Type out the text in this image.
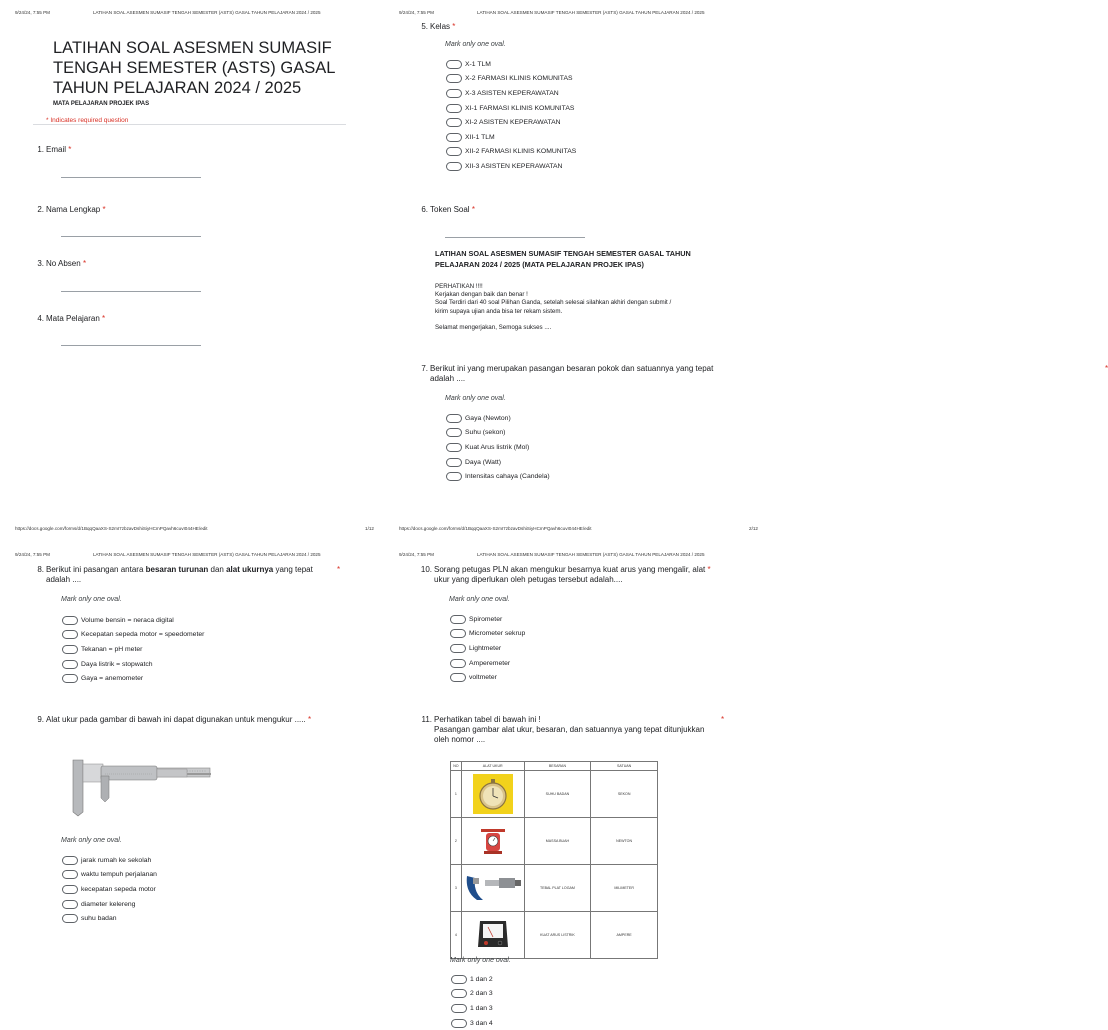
9/24/24, 7:55 PM	LATIHAN SOAL ASESMEN SUMASIF TENGAH SEMESTER (ASTS) GASAL TAHUN PELAJARAN 2024 / 2025
LATIHAN SOAL ASESMEN SUMASIF TENGAH SEMESTER (ASTS) GASAL TAHUN PELAJARAN 2024 / 2025
MATA PELAJARAN PROJEK IPAS
* Indicates required question
1. Email *
2. Nama Lengkap *
3. No Absen *
4. Mata Pelajaran *
https://docs.google.com/forms/d/1BqqQaaXS-S2mI7zbzavDshiSiyHCmPQavh6cuvI044HE/edit	1/12
9/24/24, 7:55 PM	LATIHAN SOAL ASESMEN SUMASIF TENGAH SEMESTER (ASTS) GASAL TAHUN PELAJARAN 2024 / 2025
5. Kelas *
Mark only one oval.
X-1 TLM
X-2 FARMASI KLINIS KOMUNITAS
X-3 ASISTEN KEPERAWATAN
XI-1 FARMASI KLINIS KOMUNITAS
XI-2 ASISTEN KEPERAWATAN
XII-1 TLM
XII-2 FARMASI KLINIS KOMUNITAS
XII-3 ASISTEN KEPERAWATAN
6. Token Soal *
LATIHAN SOAL ASESMEN SUMASIF TENGAH SEMESTER GASAL TAHUN PELAJARAN 2024 / 2025 (MATA PELAJARAN PROJEK IPAS)
PERHATIKAN !!!!
Kerjakan dengan baik dan benar !
Soal Terdiri dari 40 soal Pilihan Ganda, setelah selesai silahkan akhiri dengan submit /
kirim supaya ujian anda bisa ter rekam sistem.
Selamat mengerjakan, Semoga sukses ....
7. Berikut ini yang merupakan pasangan besaran pokok dan satuannya yang tepat
adalah ....
*
Mark only one oval.
Gaya (Newton)
Suhu (sekon)
Kuat Arus listrik (Mol)
Daya (Watt)
Intensitas cahaya (Candela)
https://docs.google.com/forms/d/1BqqQaaXS-S2mI7zbzavDshiSiyHCmPQavh6cuvI044HE/edit	2/12
9/24/24, 7:55 PM	LATIHAN SOAL ASESMEN SUMASIF TENGAH SEMESTER (ASTS) GASAL TAHUN PELAJARAN 2024 / 2025
8. Berikut ini pasangan antara besaran turunan dan alat ukurnya yang tepat
adalah ....
*
Mark only one oval.
Volume bensin = neraca digital
Kecepatan sepeda motor = speedometer
Tekanan = pH meter
Daya listrik = stopwatch
Gaya = anemometer
9. Alat ukur pada gambar di bawah ini dapat digunakan untuk mengukur ..... *
Mark only one oval.
jarak rumah ke sekolah
waktu tempuh perjalanan
kecepatan sepeda motor
diameter kelereng
suhu badan
9/24/24, 7:55 PM	LATIHAN SOAL ASESMEN SUMASIF TENGAH SEMESTER (ASTS) GASAL TAHUN PELAJARAN 2024 / 2025
10. Sorang petugas PLN akan mengukur besarnya kuat arus yang mengalir, alat *
ukur yang diperlukan oleh petugas tersebut adalah....
Mark only one oval.
Spirometer
Micrometer sekrup
Lightmeter
Amperemeter
voltmeter
11. Perhatikan tabel di bawah ini !
Pasangan gambar alat ukur, besaran, dan satuannya yang tepat ditunjukkan
oleh nomor ....
*
NO	ALAT UKUR	BESARAN	SATUAN
1		SUHU BADAN	SEKON
2		MASSA BUAH	NEWTON
3		TEBAL PLAT LOGAM	MILIMETER
4		KUAT ARUS LISTRIK	AMPERE
Mark only one oval.
1 dan 2
2 dan 3
1 dan 3
3 dan 4
